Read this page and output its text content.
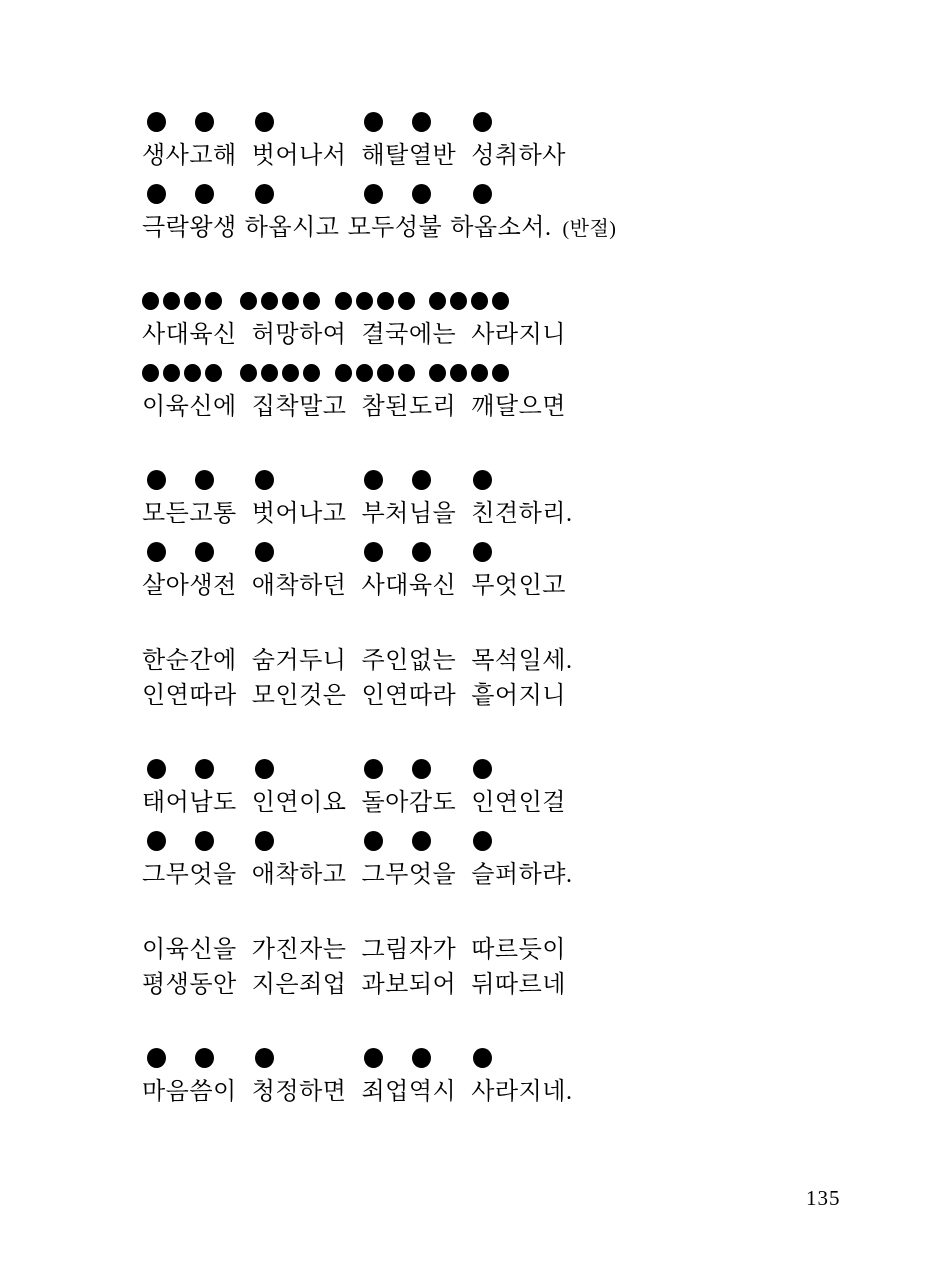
생사고해 벗어나서 해탈열반 성취하사
극락왕생 하옵시고 모두성불 하옵소서. (반절)
사대육신 허망하여 결국에는 사라지니
이육신에 집착말고 참된도리 깨달으면
모든고통 벗어나고 부처님을 친견하리.
살아생전 애착하던 사대육신 무엇인고
한순간에 숨거두니 주인없는 목석일세.
인연따라 모인것은 인연따라 흩어지니
태어남도 인연이요 돌아감도 인연인걸
그무엇을 애착하고 그무엇을 슬퍼하랴.
이육신을 가진자는 그림자가 따르듯이
평생동안 지은죄업 과보되어 뒤따르네
마음씀이 청정하면 죄업역시 사라지네.
135
